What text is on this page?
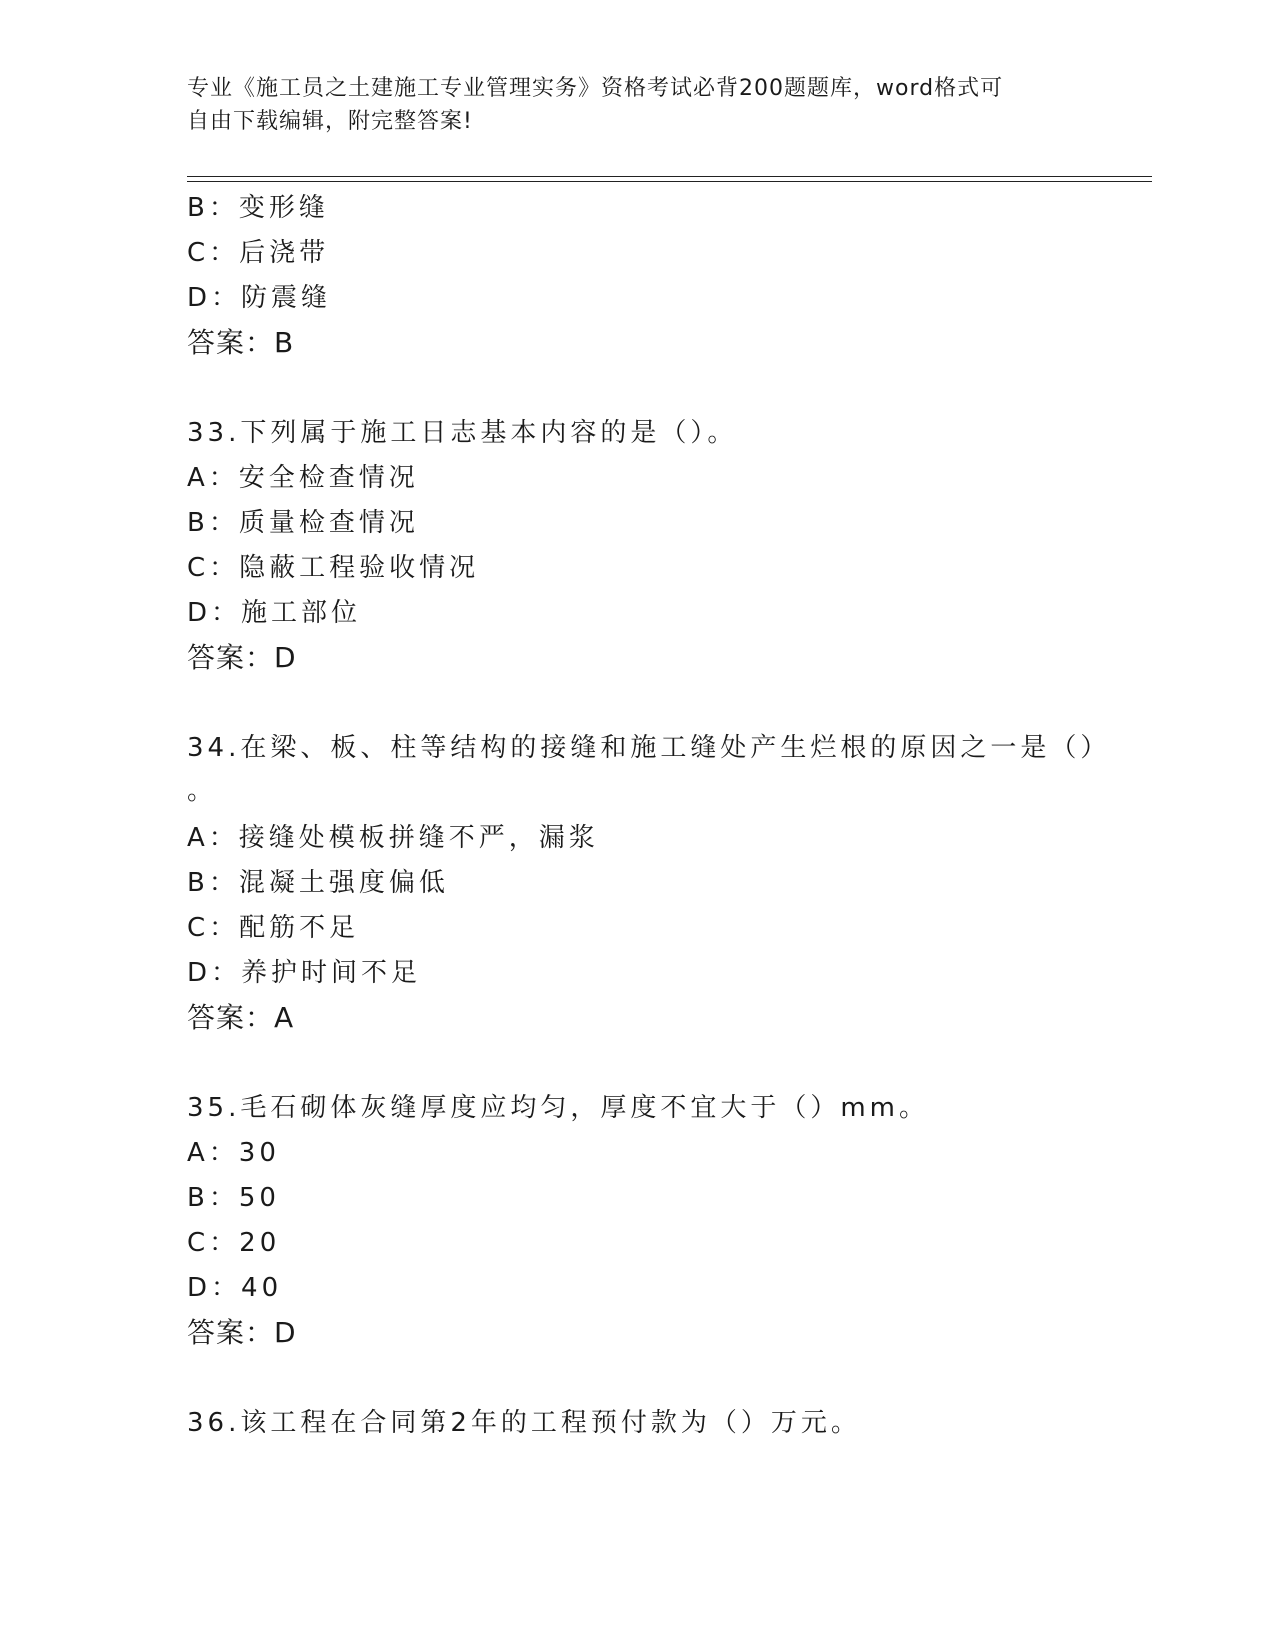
专业《施工员之土建施工专业管理实务》资格考试必背200题题库，word格式可
自由下载编辑，附完整答案!
B：变形缝
C：后浇带
D：防震缝
答案：B
33.下列属于施工日志基本内容的是（）。
A：安全检查情况
B：质量检查情况
C：隐蔽工程验收情况
D：施工部位
答案：D
34.在梁、板、柱等结构的接缝和施工缝处产生烂根的原因之一是（）
。
A：接缝处模板拼缝不严，漏浆
B：混凝土强度偏低
C：配筋不足
D：养护时间不足
答案：A
35.毛石砌体灰缝厚度应均匀，厚度不宜大于（）mm。
A：30
B：50
C：20
D：40
答案：D
36.该工程在合同第2年的工程预付款为（）万元。
